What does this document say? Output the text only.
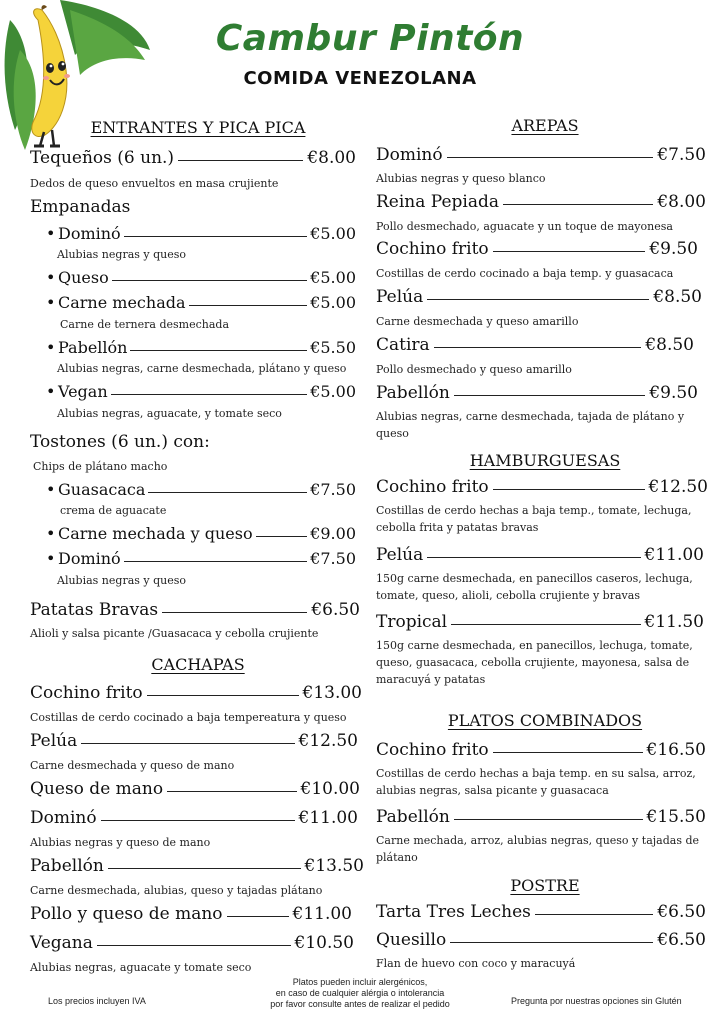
Cambur Pintón
COMIDA VENEZOLANA
ENTRANTES Y PICA PICA
Tequeños (6 un.)	€8.00
Dedos de queso envueltos en masa crujiente
Empanadas
• Dominó	€5.00
Alubias negras y queso
• Queso	€5.00
• Carne mechada	€5.00
Carne de ternera desmechada
• Pabellón	€5.50
Alubias negras, carne desmechada, plátano y queso
• Vegan	€5.00
Alubias negras, aguacate, y tomate seco
Tostones (6 un.) con:
Chips de plátano macho
• Guasacaca	€7.50
crema de aguacate
• Carne mechada y queso	€9.00
• Dominó	€7.50
Alubias negras y queso
Patatas Bravas	€6.50
Alioli y salsa picante /Guasacaca y cebolla crujiente
CACHAPAS
Cochino frito	€13.00
Costillas de cerdo cocinado a baja tempereatura y queso
Pelúa	€12.50
Carne desmechada y queso de mano
Queso de mano	€10.00
Dominó	€11.00
Alubias negras y queso de mano
Pabellón	€13.50
Carne desmechada, alubias, queso y tajadas plátano
Pollo y queso de mano	€11.00
Vegana	€10.50
Alubias negras, aguacate y tomate seco
AREPAS
Dominó	€7.50
Alubias negras y queso blanco
Reina Pepiada	€8.00
Pollo desmechado, aguacate y un toque de mayonesa
Cochino frito	€9.50
Costillas de cerdo cocinado a baja temp. y guasacaca
Pelúa	€8.50
Carne desmechada y queso amarillo
Catira	€8.50
Pollo desmechado y queso amarillo
Pabellón	€9.50
Alubias negras, carne desmechada, tajada de plátano y queso
HAMBURGUESAS
Cochino frito	€12.50
Costillas de cerdo hechas a baja temp., tomate, lechuga, cebolla frita y patatas bravas
Pelúa	€11.00
150g carne desmechada, en panecillos caseros, lechuga, tomate, queso, alioli, cebolla crujiente y bravas
Tropical	€11.50
150g carne desmechada, en panecillos, lechuga, tomate, queso, guasacaca, cebolla crujiente, mayonesa, salsa de maracuyá y patatas
PLATOS COMBINADOS
Cochino frito	€16.50
Costillas de cerdo hechas a baja temp. en su salsa, arroz, alubias negras, salsa picante y guasacaca
Pabellón	€15.50
Carne mechada, arroz, alubias negras, queso y tajadas de plátano
POSTRE
Tarta Tres Leches	€6.50
Quesillo	€6.50
Flan de huevo con coco y maracuyá
Los precios incluyen IVA
Platos pueden incluir alergénicos,
en caso de cualquier alérgia o intolerancia
por favor consulte antes de realizar el pedido	Pregunta por nuestras opciones sin Glutén
